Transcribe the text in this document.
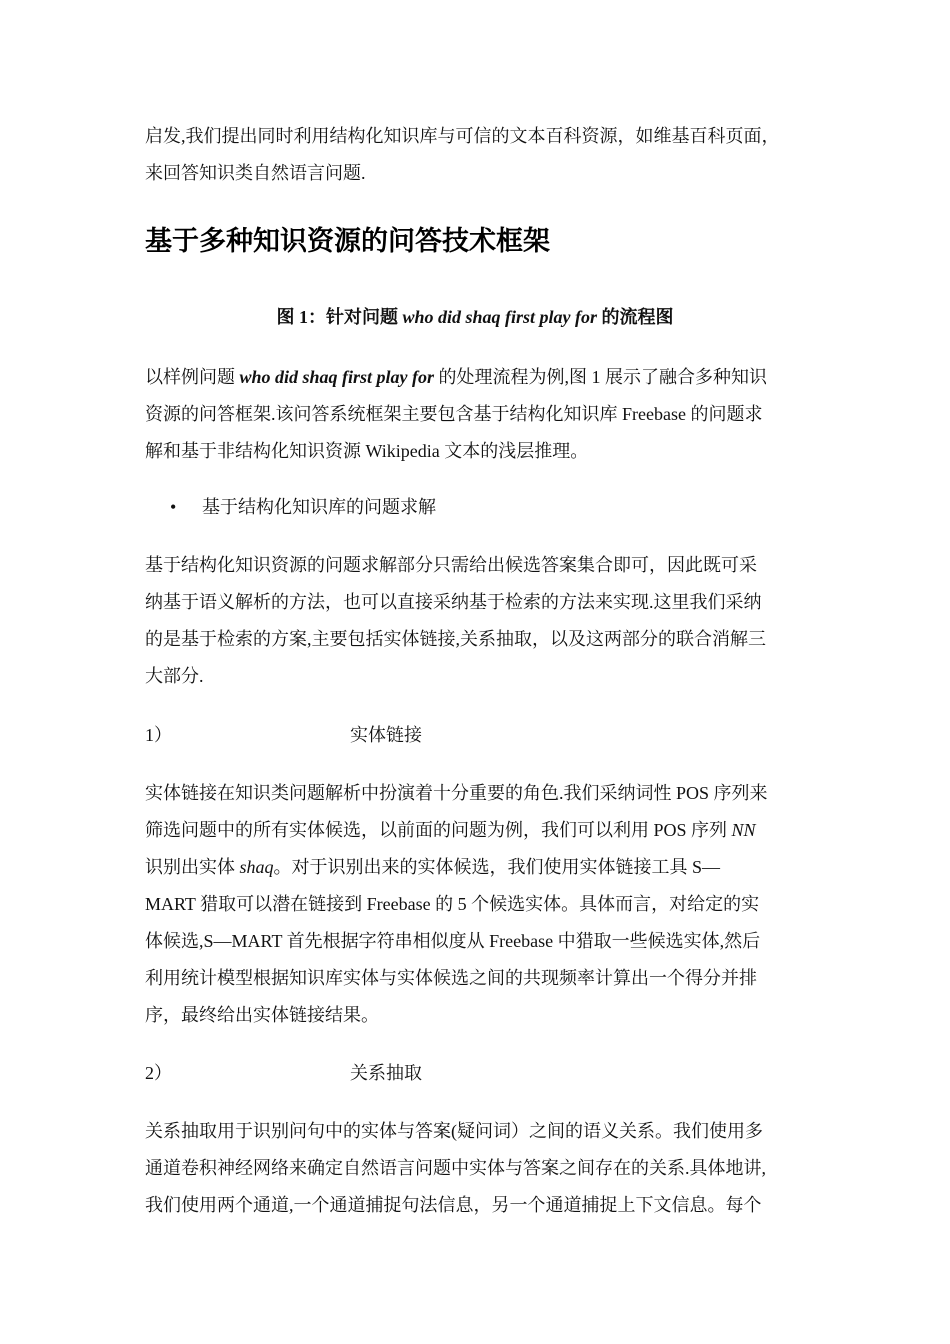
启发,我们提出同时利用结构化知识库与可信的文本百科资源，如维基百科页面，
来回答知识类自然语言问题.

基于多种知识资源的问答技术框架
图 1：针对问题 who did shaq first play for 的流程图

以样例问题 who did shaq first play for 的处理流程为例,图 1 展示了融合多种知识
资源的问答框架.该问答系统框架主要包含基于结构化知识库 Freebase 的问题求
解和基于非结构化知识资源 Wikipedia 文本的浅层推理。

• 基于结构化知识库的问题求解

基于结构化知识资源的问题求解部分只需给出候选答案集合即可，因此既可采
纳基于语义解析的方法，也可以直接采纳基于检索的方法来实现.这里我们采纳
的是基于检索的方案,主要包括实体链接,关系抽取，以及这两部分的联合消解三
大部分.

1）	实体链接

实体链接在知识类问题解析中扮演着十分重要的角色.我们采纳词性 POS 序列来
筛选问题中的所有实体候选，以前面的问题为例，我们可以利用 POS 序列 NN
识别出实体 shaq。对于识别出来的实体候选，我们使用实体链接工具 S—
MART 猎取可以潜在链接到 Freebase 的 5 个候选实体。具体而言，对给定的实
体候选,S—MART 首先根据字符串相似度从 Freebase 中猎取一些候选实体,然后
利用统计模型根据知识库实体与实体候选之间的共现频率计算出一个得分并排
序，最终给出实体链接结果。

2）	关系抽取

关系抽取用于识别问句中的实体与答案(疑问词）之间的语义关系。我们使用多
通道卷积神经网络来确定自然语言问题中实体与答案之间存在的关系.具体地讲,
我们使用两个通道,一个通道捕捉句法信息，另一个通道捕捉上下文信息。每个
